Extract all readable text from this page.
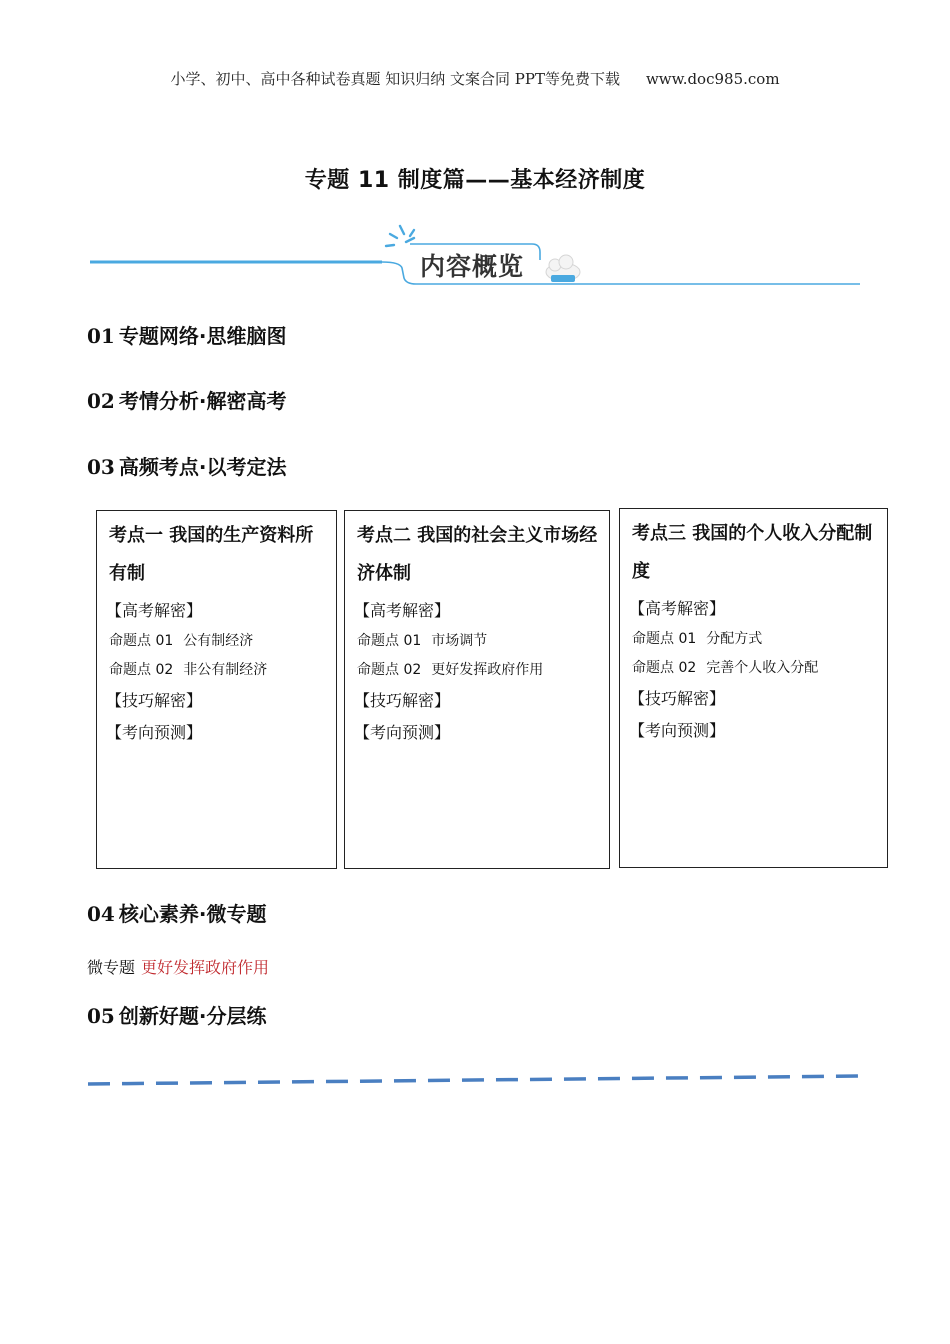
小学、初中、高中各种试卷真题 知识归纳 文案合同 PPT等免费下载 www.doc985.com
专题 11 制度篇——基本经济制度
内容概览
01 专题网络·思维脑图
02 考情分析·解密高考
03 高频考点·以考定法
考点一 我国的生产资料所有制
【高考解密】
命题点 01 公有制经济
命题点 02 非公有制经济
【技巧解密】
【考向预测】
考点二 我国的社会主义市场经济体制
【高考解密】
命题点 01 市场调节
命题点 02 更好发挥政府作用
【技巧解密】
【考向预测】
考点三 我国的个人收入分配制度
【高考解密】
命题点 01 分配方式
命题点 02 完善个人收入分配
【技巧解密】
【考向预测】
04 核心素养·微专题
微专题 更好发挥政府作用
05 创新好题·分层练
